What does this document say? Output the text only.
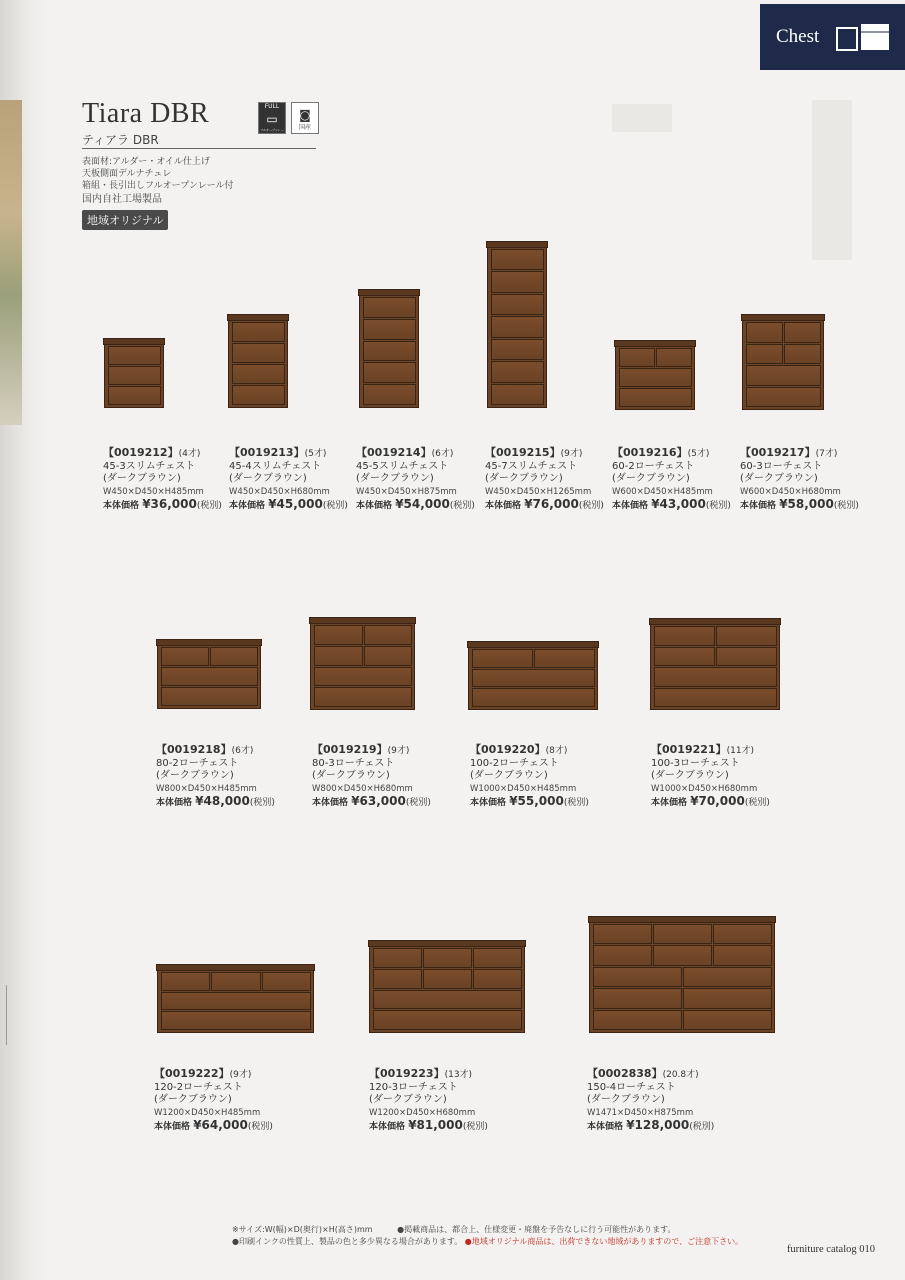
Chest
Tiara DBR
ティアラ DBR
FULL
▭
フルオープンレール
◙
国産
表面材:アルダー・オイル仕上げ
天板側面デルナチュレ
箱組・長引出しフルオープンレール付
国内自社工場製品
地域オリジナル
【0019212】(4才)
45-3スリムチェスト
(ダークブラウン)
W450×D450×H485mm
本体価格 ¥36,000(税別)
【0019213】(5才)
45-4スリムチェスト
(ダークブラウン)
W450×D450×H680mm
本体価格 ¥45,000(税別)
【0019214】(6才)
45-5スリムチェスト
(ダークブラウン)
W450×D450×H875mm
本体価格 ¥54,000(税別)
【0019215】(9才)
45-7スリムチェスト
(ダークブラウン)
W450×D450×H1265mm
本体価格 ¥76,000(税別)
【0019216】(5才)
60-2ローチェスト
(ダークブラウン)
W600×D450×H485mm
本体価格 ¥43,000(税別)
【0019217】(7才)
60-3ローチェスト
(ダークブラウン)
W600×D450×H680mm
本体価格 ¥58,000(税別)
【0019218】(6才)
80-2ローチェスト
(ダークブラウン)
W800×D450×H485mm
本体価格 ¥48,000(税別)
【0019219】(9才)
80-3ローチェスト
(ダークブラウン)
W800×D450×H680mm
本体価格 ¥63,000(税別)
【0019220】(8才)
100-2ローチェスト
(ダークブラウン)
W1000×D450×H485mm
本体価格 ¥55,000(税別)
【0019221】(11才)
100-3ローチェスト
(ダークブラウン)
W1000×D450×H680mm
本体価格 ¥70,000(税別)
【0019222】(9才)
120-2ローチェスト
(ダークブラウン)
W1200×D450×H485mm
本体価格 ¥64,000(税別)
【0019223】(13才)
120-3ローチェスト
(ダークブラウン)
W1200×D450×H680mm
本体価格 ¥81,000(税別)
【0002838】(20.8才)
150-4ローチェスト
(ダークブラウン)
W1471×D450×H875mm
本体価格 ¥128,000(税別)
※サイズ:W(幅)×D(奥行)×H(高さ)mm	●掲載商品は、都合上、仕様変更・廃盤を予告なしに行う可能性があります。
●印刷インクの性質上、製品の色と多少異なる場合があります。 ●地域オリジナル商品は、出荷できない地域がありますので、ご注意下さい。
furniture catalog 010
